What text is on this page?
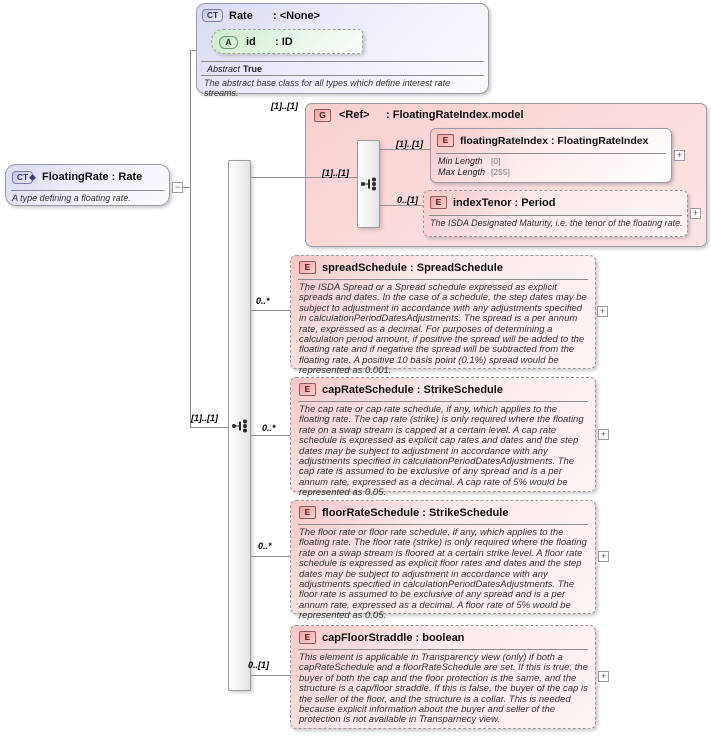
CT Rate : <None>
A	id : ID
Abstract True
The abstract base class for all types which define interest rate streams.
CT ◆ FloatingRate : Rate
A type defining a floating rate.
G	<Ref> : FloatingRateIndex.model
E	floatingRateIndex : FloatingRateIndex
Min Length [0]
Max Length [255]
E	indexTenor : Period
The ISDA Designated Maturity, i.e. the tenor of the floating rate.
E	spreadSchedule : SpreadSchedule
The ISDA Spread or a Spread schedule expressed as explicit spreads and dates. In the case of a schedule, the step dates may be subject to adjustment in accordance with any adjustments specified in calculationPeriodDatesAdjustments. The spread is a per annum rate, expressed as a decimal. For purposes of determining a calculation period amount, if positive the spread will be added to the floating rate and if negative the spread will be subtracted from the floating rate. A positive 10 basis point (0.1%) spread would be represented as 0.001.
E	capRateSchedule : StrikeSchedule
The cap rate or cap rate schedule, if any, which applies to the floating rate. The cap rate (strike) is only required where the floating rate on a swap stream is capped at a certain level. A cap rate schedule is expressed as explicit cap rates and dates and the step dates may be subject to adjustment in accordance with any adjustments specified in calculationPeriodDatesAdjustments. The cap rate is assumed to be exclusive of any spread and is a per annum rate, expressed as a decimal. A cap rate of 5% would be represented as 0.05.
E	floorRateSchedule : StrikeSchedule
The floor rate or floor rate schedule, if any, which applies to the floating rate. The floor rate (strike) is only required where the floating rate on a swap stream is floored at a certain strike level. A floor rate schedule is expressed as explicit floor rates and dates and the step dates may be subject to adjustment in accordance with any adjustments specified in calculationPeriodDatesAdjustments. The floor rate is assumed to be exclusive of any spread and is a per annum rate, expressed as a decimal. A floor rate of 5% would be represented as 0.05.
E	capFloorStraddle : boolean
This element is applicable in Transparency view (only) if both a capRateSchedule and a floorRateSchedule are set. If this is true, the buyer of both the cap and the floor protection is the same, and the structure is a cap/floor straddle. If this is false, the buyer of the cap is the seller of the floor, and the structure is a collar. This is needed because explicit information about the buyer and seller of the protection is not available in Transparnecy view.
[1]..[1]
[1]..[1]
[1]..[1]
[1]..[1]
0..[1]
0..*
0..*
0..*
0..[1]
−
+
+
+
+
+
+
